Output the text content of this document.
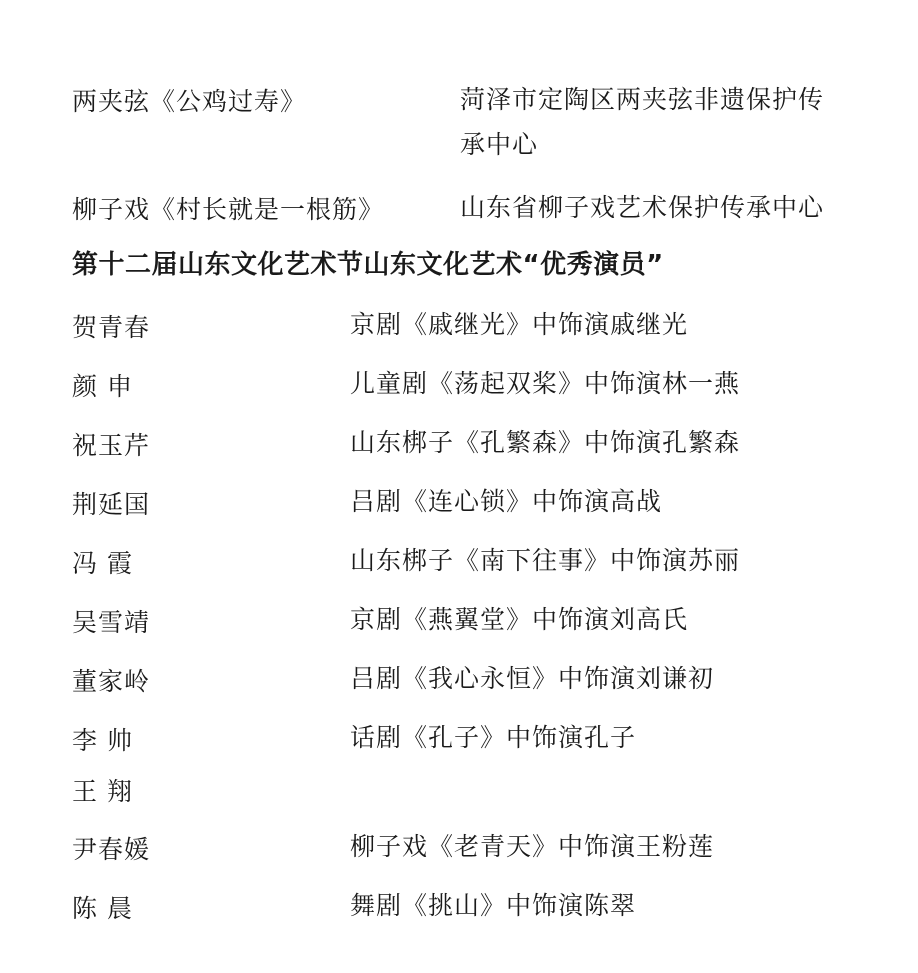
两夹弦《公鸡过寿》	菏泽市定陶区两夹弦非遗保护传
承中心
柳子戏《村长就是一根筋》	山东省柳子戏艺术保护传承中心
第十二届山东文化艺术节山东文化艺术“优秀演员”
贺青春	京剧《戚继光》中饰演戚继光
颜 申	儿童剧《荡起双桨》中饰演林一燕
祝玉芹	山东梆子《孔繁森》中饰演孔繁森
荆延国	吕剧《连心锁》中饰演高战
冯 霞	山东梆子《南下往事》中饰演苏丽
吴雪靖	京剧《燕翼堂》中饰演刘高氏
董家岭	吕剧《我心永恒》中饰演刘谦初
李 帅	话剧《孔子》中饰演孔子
王 翔
尹春媛	柳子戏《老青天》中饰演王粉莲
陈 晨	舞剧《挑山》中饰演陈翠
